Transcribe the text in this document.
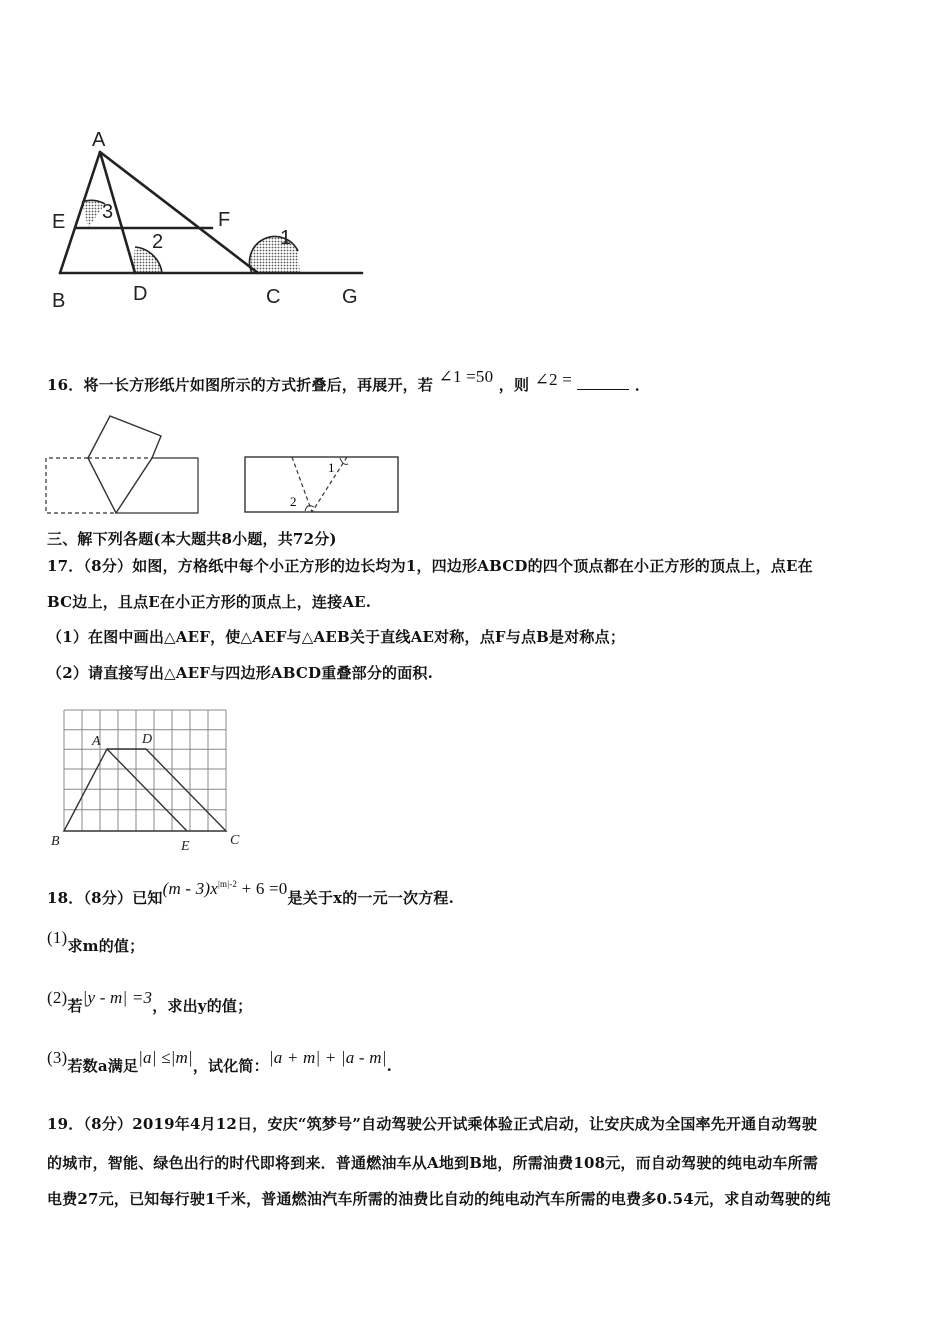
A
E	F
B	D	C	G
3
2	1
16．将一长方形纸片如图所示的方式折叠后，再展开，若 ∠1 =50 ，则 ∠2 =	．
1
2
三、解下列各题(本大题共8小题，共72分)
17．（8分）如图，方格纸中每个小正方形的边长均为1，四边形ABCD的四个顶点都在小正方形的顶点上，点E在
BC边上，且点E在小正方形的顶点上，连接AE.
（1）在图中画出△AEF，使△AEF与△AEB关于直线AE对称，点F与点B是对称点；
（2）请直接写出△AEF与四边形ABCD重叠部分的面积.
A	D
B	E	C
18．（8分）已知$(m - 3)x^{|m|-2} + 6 =0$是关于x的一元一次方程.
(1)求m的值；
(2)若|y - m| =3，求出y的值；
(3)若数a满足|a| ≤|m|，试化简：|a + m| + |a - m|.
19．（8分）2019年4月12日，安庆“筑梦号”自动驾驶公开试乘体验正式启动，让安庆成为全国率先开通自动驾驶
的城市，智能、绿色出行的时代即将到来．普通燃油车从A地到B地，所需油费108元，而自动驾驶的纯电动车所需
电费27元，已知每行驶1千米，普通燃油汽车所需的油费比自动的纯电动汽车所需的电费多0.54元，求自动驾驶的纯
